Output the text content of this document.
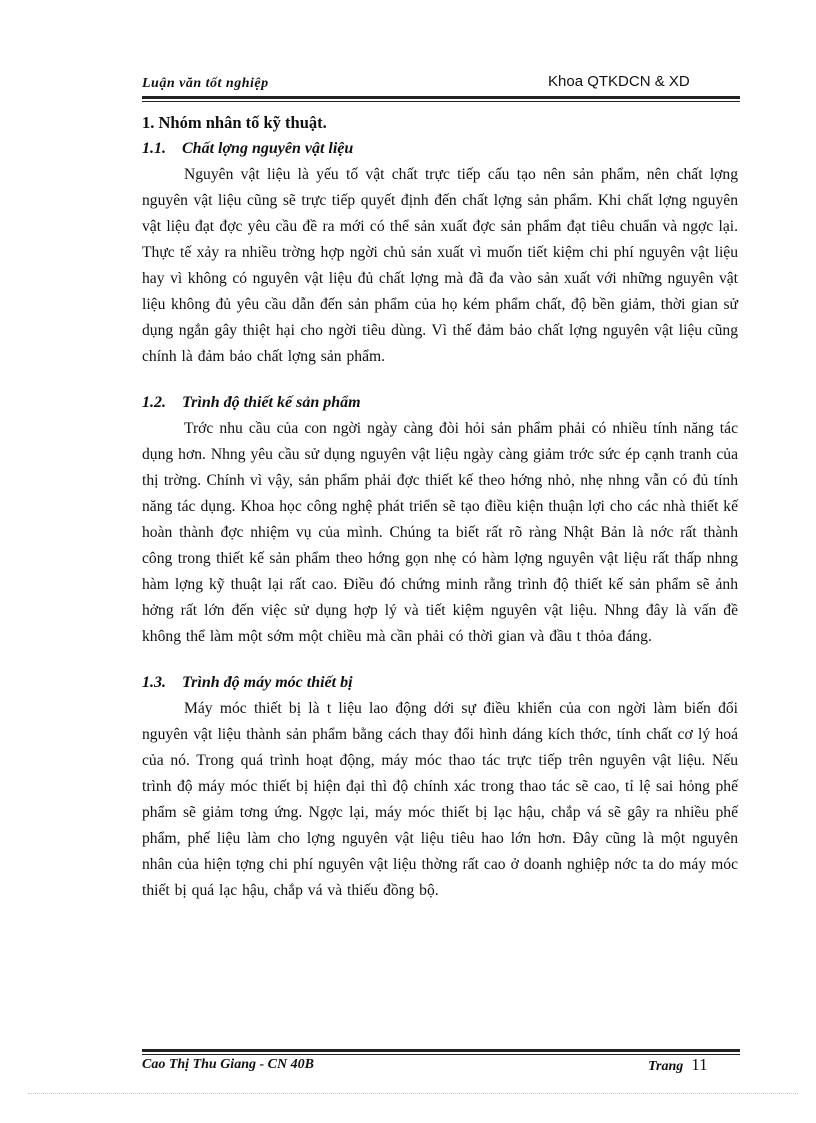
Luận văn tốt nghiệp	Khoa QTKDCN & XD

1. Nhóm nhân tố kỹ thuật.

1.1. Chất lợng nguyên vật liệu

Nguyên vật liệu là yếu tố vật chất trực tiếp cấu tạo nên sản phẩm, nên chất lợng nguyên vật liệu cũng sẽ trực tiếp quyết định đến chất lợng sản phẩm. Khi chất lợng nguyên vật liệu đạt đợc yêu cầu đề ra mới có thể sản xuất đợc sản phẩm đạt tiêu chuẩn và ngợc lại. Thực tế xảy ra nhiều trờng hợp ngời chủ sản xuất vì muốn tiết kiệm chi phí nguyên vật liệu hay vì không có nguyên vật liệu đủ chất lợng mà đã đa vào sản xuất với những nguyên vật liệu không đủ yêu cầu dẫn đến sản phẩm của họ kém phẩm chất, độ bền giảm, thời gian sử dụng ngắn gây thiệt hại cho ngời tiêu dùng. Vì thế đảm bảo chất lợng nguyên vật liệu cũng chính là đảm bảo chất lợng sản phẩm.

1.2. Trình độ thiết kế sản phẩm

Trớc nhu cầu của con ngời ngày càng đòi hỏi sản phẩm phải có nhiều tính năng tác dụng hơn. Nhng yêu cầu sử dụng nguyên vật liệu ngày càng giảm trớc sức ép cạnh tranh của thị trờng. Chính vì vậy, sản phẩm phải đợc thiết kế theo hớng nhỏ, nhẹ nhng vẫn có đủ tính năng tác dụng. Khoa học công nghệ phát triển sẽ tạo điều kiện thuận lợi cho các nhà thiết kế hoàn thành đợc nhiệm vụ của mình. Chúng ta biết rất rõ ràng Nhật Bản là nớc rất thành công trong thiết kế sản phẩm theo hớng gọn nhẹ có hàm lợng nguyên vật liệu rất thấp nhng hàm lợng kỹ thuật lại rất cao. Điều đó chứng minh rằng trình độ thiết kế sản phẩm sẽ ảnh hởng rất lớn đến việc sử dụng hợp lý và tiết kiệm nguyên vật liệu. Nhng đây là vấn đề không thể làm một sớm một chiều mà cần phải có thời gian và đầu t thỏa đáng.

1.3. Trình độ máy móc thiết bị

Máy móc thiết bị là t liệu lao động dới sự điều khiển của con ngời làm biến đổi nguyên vật liệu thành sản phẩm bằng cách thay đổi hình dáng kích thớc, tính chất cơ lý hoá của nó. Trong quá trình hoạt động, máy móc thao tác trực tiếp trên nguyên vật liệu. Nếu trình độ máy móc thiết bị hiện đại thì độ chính xác trong thao tác sẽ cao, tỉ lệ sai hỏng phế phẩm sẽ giảm tơng ứng. Ngợc lại, máy móc thiết bị lạc hậu, chắp vá sẽ gây ra nhiều phế phẩm, phế liệu làm cho lợng nguyên vật liệu tiêu hao lớn hơn. Đây cũng là một nguyên nhân của hiện tợng chi phí nguyên vật liệu thờng rất cao ở doanh nghiệp nớc ta do máy móc thiết bị quá lạc hậu, chắp vá và thiếu đồng bộ.

Cao Thị Thu Giang - CN 40B	Trang 11
